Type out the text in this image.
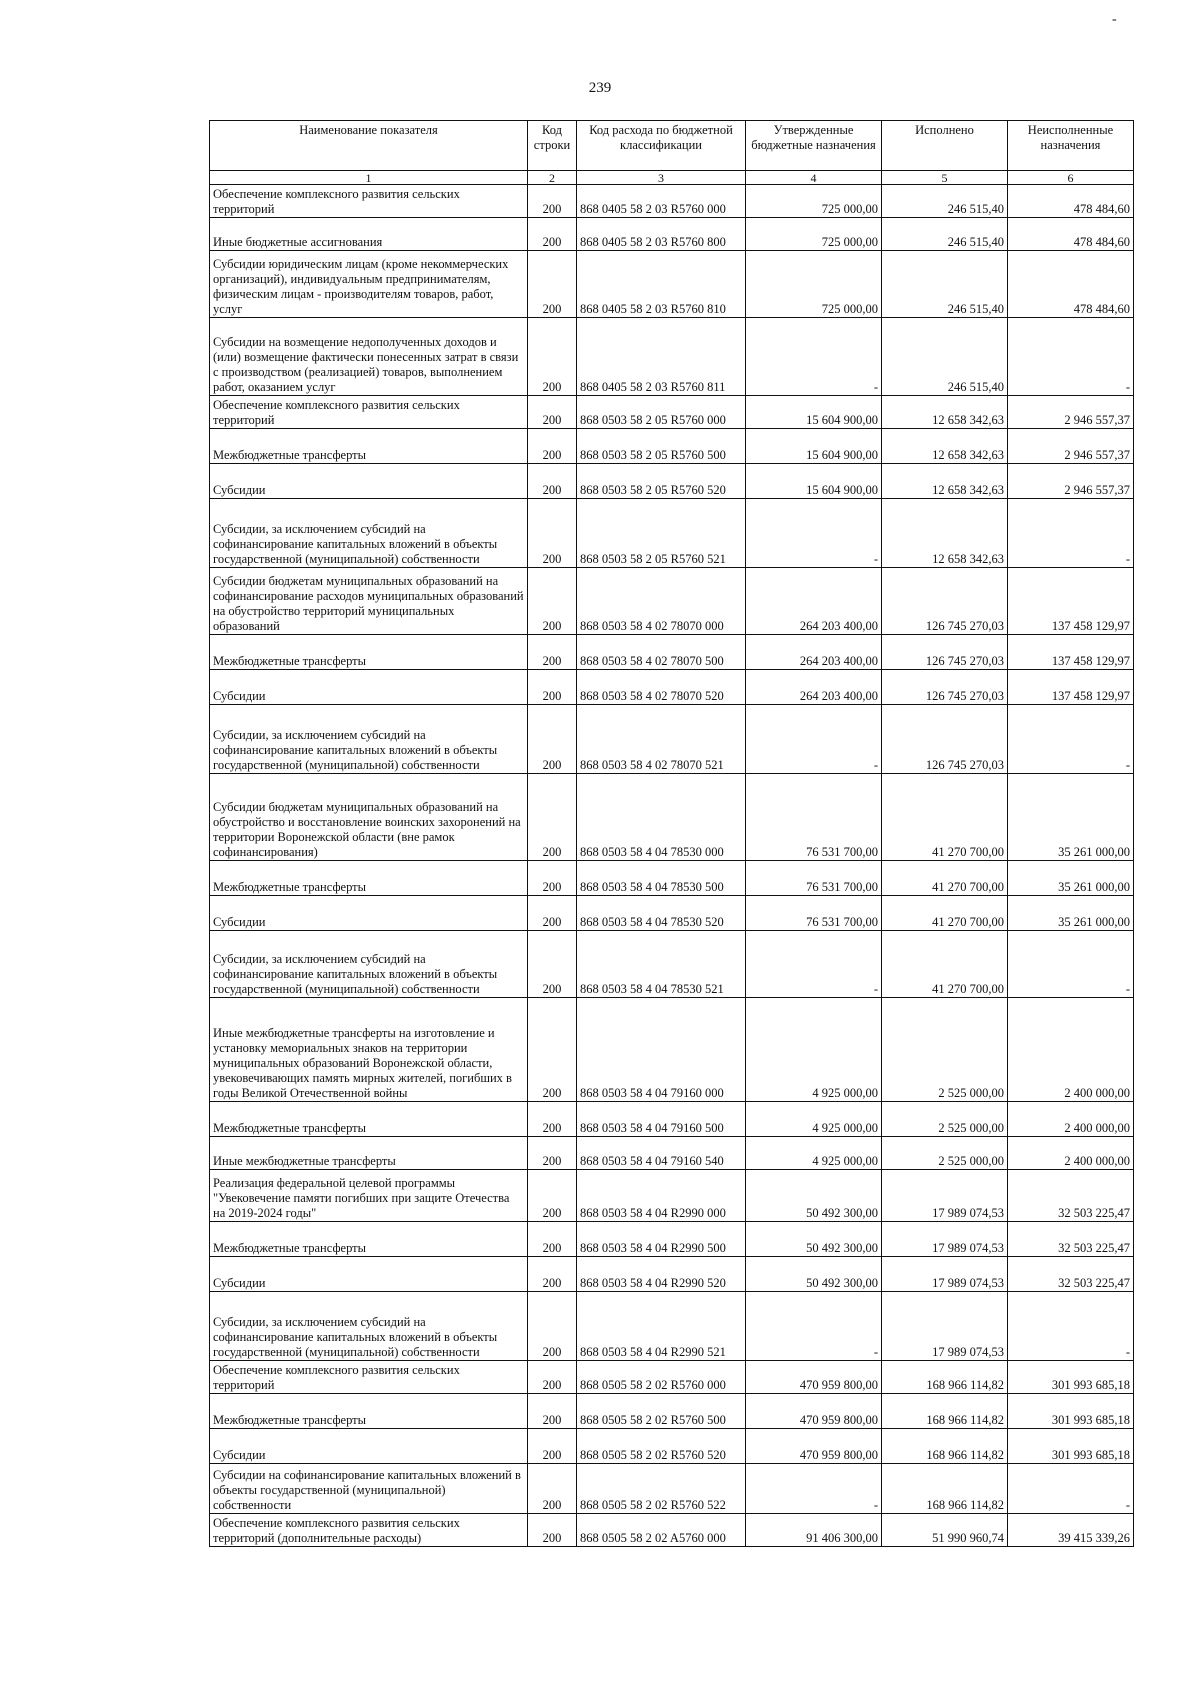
-
239
Наименование показателя	Код строки	Код расхода по бюджетной классификации	Утвержденные бюджетные назначения	Исполнено	Неисполненные назначения
1	2	3	4	5	6
Обеспечение комплексного развития сельских территорий	200	868 0405 58 2 03 R5760 000	725 000,00	246 515,40	478 484,60
Иные бюджетные ассигнования	200	868 0405 58 2 03 R5760 800	725 000,00	246 515,40	478 484,60
Субсидии юридическим лицам (кроме некоммерческих организаций), индивидуальным предпринимателям, физическим лицам - производителям товаров, работ, услуг	200	868 0405 58 2 03 R5760 810	725 000,00	246 515,40	478 484,60
Субсидии на возмещение недополученных доходов и (или) возмещение фактически понесенных затрат в связи с производством (реализацией) товаров, выполнением работ, оказанием услуг	200	868 0405 58 2 03 R5760 811	-	246 515,40	-
Обеспечение комплексного развития сельских территорий	200	868 0503 58 2 05 R5760 000	15 604 900,00	12 658 342,63	2 946 557,37
Межбюджетные трансферты	200	868 0503 58 2 05 R5760 500	15 604 900,00	12 658 342,63	2 946 557,37
Субсидии	200	868 0503 58 2 05 R5760 520	15 604 900,00	12 658 342,63	2 946 557,37
Субсидии, за исключением субсидий на софинансирование капитальных вложений в объекты государственной (муниципальной) собственности	200	868 0503 58 2 05 R5760 521	-	12 658 342,63	-
Субсидии бюджетам муниципальных образований на софинансирование расходов муниципальных образований на обустройство территорий муниципальных образований	200	868 0503 58 4 02 78070 000	264 203 400,00	126 745 270,03	137 458 129,97
Межбюджетные трансферты	200	868 0503 58 4 02 78070 500	264 203 400,00	126 745 270,03	137 458 129,97
Субсидии	200	868 0503 58 4 02 78070 520	264 203 400,00	126 745 270,03	137 458 129,97
Субсидии, за исключением субсидий на софинансирование капитальных вложений в объекты государственной (муниципальной) собственности	200	868 0503 58 4 02 78070 521	-	126 745 270,03	-
Субсидии бюджетам муниципальных образований на обустройство и восстановление воинских захоронений на территории Воронежской области (вне рамок софинансирования)	200	868 0503 58 4 04 78530 000	76 531 700,00	41 270 700,00	35 261 000,00
Межбюджетные трансферты	200	868 0503 58 4 04 78530 500	76 531 700,00	41 270 700,00	35 261 000,00
Субсидии	200	868 0503 58 4 04 78530 520	76 531 700,00	41 270 700,00	35 261 000,00
Субсидии, за исключением субсидий на софинансирование капитальных вложений в объекты государственной (муниципальной) собственности	200	868 0503 58 4 04 78530 521	-	41 270 700,00	-
Иные межбюджетные трансферты на изготовление и установку мемориальных знаков на территории муниципальных образований Воронежской области, увековечивающих память мирных жителей, погибших в годы Великой Отечественной войны	200	868 0503 58 4 04 79160 000	4 925 000,00	2 525 000,00	2 400 000,00
Межбюджетные трансферты	200	868 0503 58 4 04 79160 500	4 925 000,00	2 525 000,00	2 400 000,00
Иные межбюджетные трансферты	200	868 0503 58 4 04 79160 540	4 925 000,00	2 525 000,00	2 400 000,00
Реализация федеральной целевой программы "Увековечение памяти погибших при защите Отечества на 2019-2024 годы"	200	868 0503 58 4 04 R2990 000	50 492 300,00	17 989 074,53	32 503 225,47
Межбюджетные трансферты	200	868 0503 58 4 04 R2990 500	50 492 300,00	17 989 074,53	32 503 225,47
Субсидии	200	868 0503 58 4 04 R2990 520	50 492 300,00	17 989 074,53	32 503 225,47
Субсидии, за исключением субсидий на софинансирование капитальных вложений в объекты государственной (муниципальной) собственности	200	868 0503 58 4 04 R2990 521	-	17 989 074,53	-
Обеспечение комплексного развития сельских территорий	200	868 0505 58 2 02 R5760 000	470 959 800,00	168 966 114,82	301 993 685,18
Межбюджетные трансферты	200	868 0505 58 2 02 R5760 500	470 959 800,00	168 966 114,82	301 993 685,18
Субсидии	200	868 0505 58 2 02 R5760 520	470 959 800,00	168 966 114,82	301 993 685,18
Субсидии на софинансирование капитальных вложений в объекты государственной (муниципальной) собственности	200	868 0505 58 2 02 R5760 522	-	168 966 114,82	-
Обеспечение комплексного развития сельских территорий (дополнительные расходы)	200	868 0505 58 2 02 A5760 000	91 406 300,00	51 990 960,74	39 415 339,26
